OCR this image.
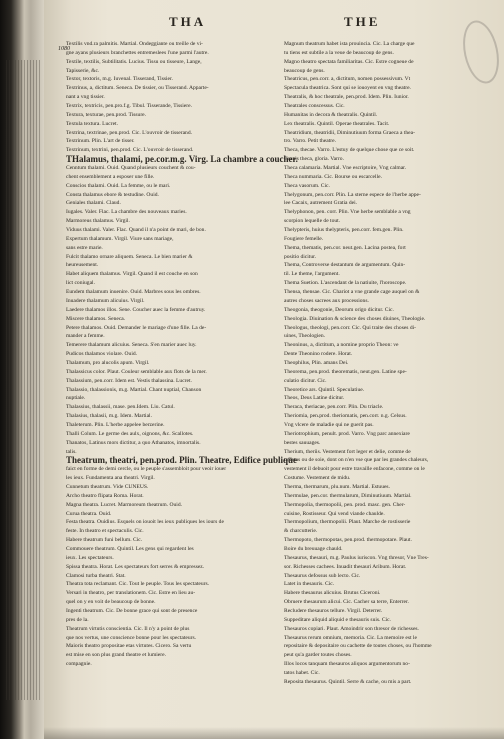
THA	THE
1080
Textilis vnd.ra palmitis. Martial. Ondeggiante ou treille de vi-
gne ayans plusieurs branchettes entremeslees l'une parmi l'autre.
Textile, textilis, Subtilitatis. Lucius. Tissu ou tisseure, Lange,
Tapisserie, &c.
Textor, textoris, m.g. Iuvenal. Tisserand, Tissier.
Textrinus, a, dictitum. Seneca. De tissier, ou Tisserand. Apparte-
nant a vng tissier.
Textrix, textricis, pen.pro.f.g. Tibul. Tisserande, Tissiere.
Textura, texturae, pen.prod. Tissure.
Textula textura. Lucret.
Textrina, textrinae, pen.prod. Cic. L'ouvroir de tisserand.
Textrinum. Plin. L'art de tisser.
Textrinum, textrini, pen.prod. Cic. L'ouvroir de tisserand.
THalamus, thalami, pe.cor.m.g. Virg. La chambre a coucher.
Cenntum thalami. Ouid. Quand plusieurs couchent & cou-
chent ensemblement a esposer une fille.
Conscios thalami. Ouid. La femme, ou le mari.
Consta thalamus ebore & testudine. Ouid.
Geniales thalami. Claud.
Iugales. Valer. Flac. La chambre des nouveaux maries.
Marmoreus thalamus. Virgil.
Viduus thalami. Valer. Flac. Quand il n'a point de mari, de bon.
Expertum thalamum. Virgil. Viure sans mariage,
sans estre marie.
Fulcit thalamo ornare aliquem. Seneca. Le bien marier &
heureusement.
Habet aliquem thalamus. Virgil. Quand il est couche en son
lict coniugal.
Eundem thalamum inuenire. Ouid. Marbres sous les ombres.
Inuadere thalamum alicuius. Virgil.
Laedere thalamos illos. Sene. Coucher auec la femme d'autruy.
Miscere thalamos. Seneca.
Petere thalamos. Ouid. Demander le mariage d'une fille. La de-
mander a femme.
Temerere thalamum alicuius. Seneca. S'en marier auec luy.
Pudicos thalamos violare. Ouid.
Thalamum, pro alucolis apum. Virgil.
Thalassicus color. Plaut. Couleur semblable aux flots de la mer.
Thalassium, pen.corr. Idem est. Vestis thalassina. Lucret.
Thalassio, thalassionis, m.g. Martial. Chant nuptial, Chanson
nuptiale.
Thalassius, thalassii, mase. pen.Idem. Liu. Catul.
Thalasius, thalasii, m.g. Idem. Martial.
Thaleterum. Plin. L'herbe appelee berzerine.
Thalli Colum. Le germe des aulx, oignons, &c. Scallotes.
Thanatos, Latinus mors dictitur, a quo Athanatos, imnortalis.
talis.
Theatrum, theatri, pen.prod. Plin. Theatre, Edifice publique
faict en forme de demi cercle, ou le peuple s'assembloit pour veoir iouer
les ieux. Fundamenta ana theatri. Virgil.
Cunnetum theatrum. Vide CUNEUS.
Archo theatro flipata Roma. Horat.
Magna theatra. Lucret. Marmoreum theatrum. Ouid.
Curua theatra. Ouid.
Festa theatra. Ouidius. Esquels on iouoit les ieux publiques les iours de
feste. In theatro et spectaculis. Cic.
Habere theatrum funi bellum. Cic.
Commouere theatrum. Quintil. Les gens qui regardent les
ieux. Les spectateurs.
Spissa theatra. Horat. Les spectateurs fort serres & empressez.
Clamosi turba theatri. Stat.
Theatra tota reclamant. Cic. Tout le peuple. Tous les spectateurs.
Versari in theatro, per translationem. Cic. Estre en lieu au-
quel on y en voit de beaucoup de bonne.
Ingenti theatrum. Cic. De bonne grace qui sont de presence
pres de la.
Theatrum virtutis conscientia. Cic. Il n'y a point de plus
que nos vertus, une conscience bonne pour les spectateurs.
Maioris theatro propositae etas virtutes. Cicero. Sa vertu
est mise en son plus grand theatre et lumiere.
compagnie.
Magnum theatrum habet ista prouincia. Cic. La charge que
tu tiens est subtile a la veue de beaucoup de gens.
Magno theatro spectata familiaritas. Cic. Estre cogneue de
beaucoup de gens.
Theatricus, pen.corr. a, dictitum, nomen possessivum. Vt
Spectacula theatrica. Sont qui se iouoyent en vng theatre.
Theatralis, & hoc theatrale, pen.prod. Idem. Plin. Iunior.
Theatrales conscessus. Cic.
Humanitas in decora & theatralis. Quintil.
Lex theatralis. Quintil. Operae theatrales. Tacit.
Theatridium, theatridii, Diminutiuum forma Graeca a thea-
tro. Varro. Petit theatre.
Theca, thecae. Varro. L'estuy de quelque chose que ce soit.
Grauis theca, gloria. Varro.
Theca calamaria. Martial. Vne escriptoire, Vng calmar.
Theca nummaria. Cic. Bourse ou escarcelle.
Theca vasorum. Cic.
Thelygonum, pen.corr. Plin. La sterne espece de l'herbe appe-
lee Cacaix, autrement Gratia dei.
Thelyphonon, pen. corr. Plin. Vne herbe semblable a vng
scorpion lequelle de tout.
Thelypteris, huius thelypteris, pen.corr. fem.gen. Plin.
Fougiere femelle.
Thema, thematis, pen.cor. neut.gen. Lacina postea, fort
positio dicitur.
Thema, Controverse destantum de argumentum. Quin-
til. Le theme, l'argument.
Thema Suetion. L'ascendant de la natiuite, l'horoscope.
Thensa, thensae. Cic. Chariot a vne grande cage auquel on &
autres choses sacrees aux processions.
Theogonia, theogonie, Deorum origo dicitur. Cic.
Theologia. Diuination & science des choses diuines, Theologie.
Theologus, theologi, pen.corr. Cic. Qui traite des choses di-
uines, Theologien.
Theoninus, a, dictitum, a nomine proprio Theon: ve
Dente Theonino rodere. Horat.
Theophilus, Plin. amans Dei.
Theorema, pen.prod. theorematis, neut.gen. Latine spe-
culatio dicitur. Cic.
Theoretice ars. Quintil. Speculatiue.
Theos, Deus Latine dicitur.
Theraca, theriacae, pen.corr. Plin. Du triacle.
Theriomia, pen.prod. theriomatis, pen.corr. n.g. Celsus.
Vng vlcere de maladie qui ne guerit pas.
Theriotrophium, penult. prod. Varro. Vng parc annexiare
bestes sauuages.
Therium, theriis. Vestement fort leger et delie, comme de
taffetas ou de soie, dont on n'en vse que par les grandes chaleurs,
vestement il debuoit pour estre travaille enfacone, comme on le
Costume. Vestement de midu.
Therma, thermarum, plu.num. Martial. Estuues.
Thermulae, pen.cor. thermularum, Diminutiuum. Martial.
Thermopolia, thermopolii, pen. prod. masc. gen. Cher-
cuisine, Rostisseur. Qui vend viande chaulde.
Thermopolium, thermopolii. Plaut. Marche de rostisserie
& charcutterie.
Thermopoto, thermopotas, pen.prod. thermopotare. Plaut.
Boire du breuuage chauld.
Thesaurus, thesauri, m.g. Paulus iuriscon. Vng thresor, Vne Tres-
sor. Richesses cachees. Inuadit thesauri Aribum. Horat.
Thesaurus defossus sub lecto. Cic.
Latet in thesauris. Cic.
Habere thesaurus alicuius. Brutus Ciceroni.
Obruere thesaurum alicui. Cic. Cacher sa terre, Enterrer.
Recludere thesauros tellure. Virgil. Deterrer.
Suppeditare aliquid aliquid e thesauris suis. Cic.
Thesauros copiari. Plaut. Amoindrir son thresor de richesses.
Thesaurus rerum omnium, memoria. Cic. La memoire est le
repositaire & depositaire ou cachette de toutes choses, ou l'homme
peut qu'a garder toutes choses.
Illos locos tanquam thesauros aliquos argumentorum no-
tatos habet. Cic.
Reposita thesaurus. Quintil. Serre & cache, ou mis a part.
